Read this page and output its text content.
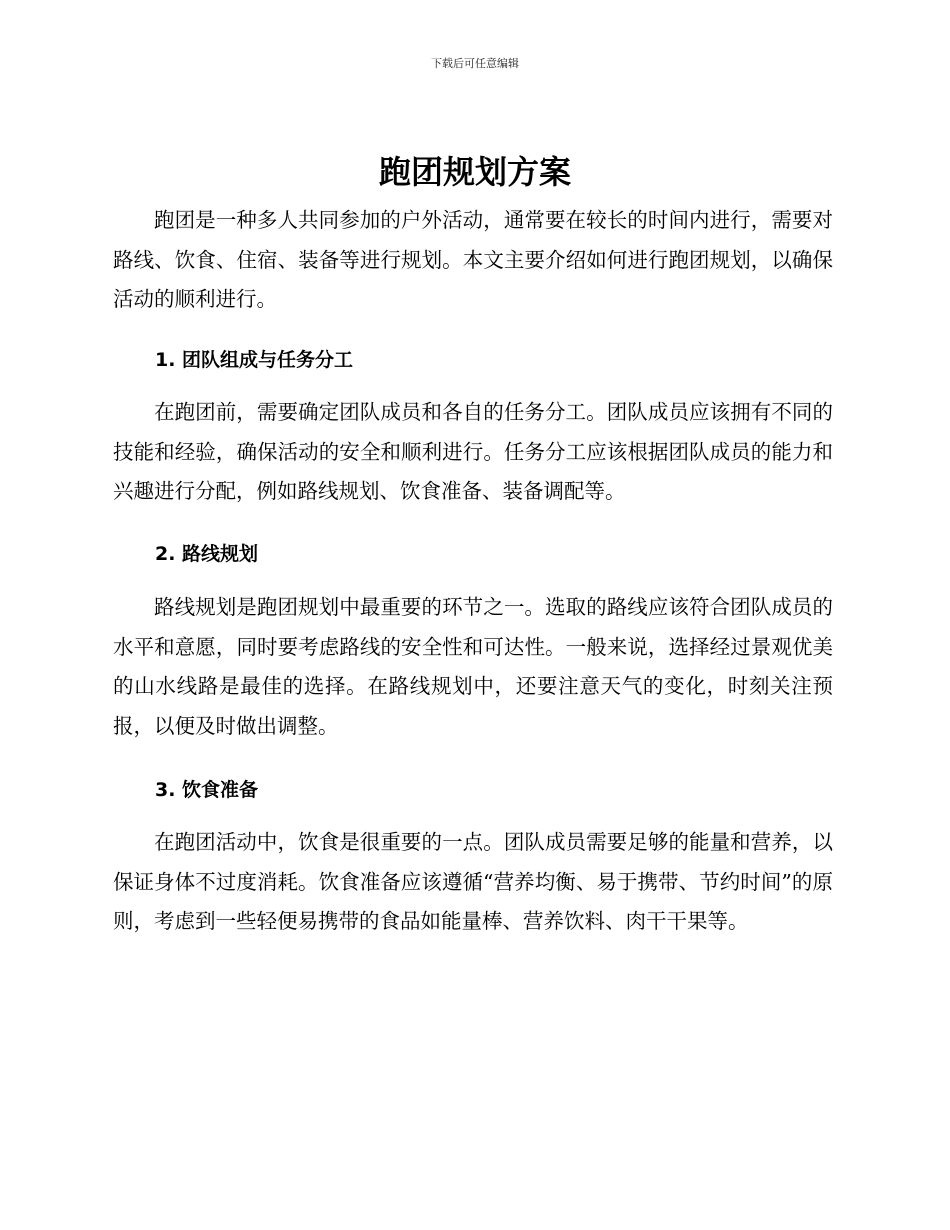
下载后可任意编辑
跑团规划方案

跑团是一种多人共同参加的户外活动，通常要在较长的时间内进行，需要对路线、饮食、住宿、装备等进行规划。本文主要介绍如何进行跑团规划，以确保活动的顺利进行。

1. 团队组成与任务分工

在跑团前，需要确定团队成员和各自的任务分工。团队成员应该拥有不同的技能和经验，确保活动的安全和顺利进行。任务分工应该根据团队成员的能力和兴趣进行分配，例如路线规划、饮食准备、装备调配等。

2. 路线规划

路线规划是跑团规划中最重要的环节之一。选取的路线应该符合团队成员的水平和意愿，同时要考虑路线的安全性和可达性。一般来说，选择经过景观优美的山水线路是最佳的选择。在路线规划中，还要注意天气的变化，时刻关注预报，以便及时做出调整。

3. 饮食准备

在跑团活动中，饮食是很重要的一点。团队成员需要足够的能量和营养，以保证身体不过度消耗。饮食准备应该遵循“营养均衡、易于携带、节约时间”的原则，考虑到一些轻便易携带的食品如能量棒、营养饮料、肉干干果等。
